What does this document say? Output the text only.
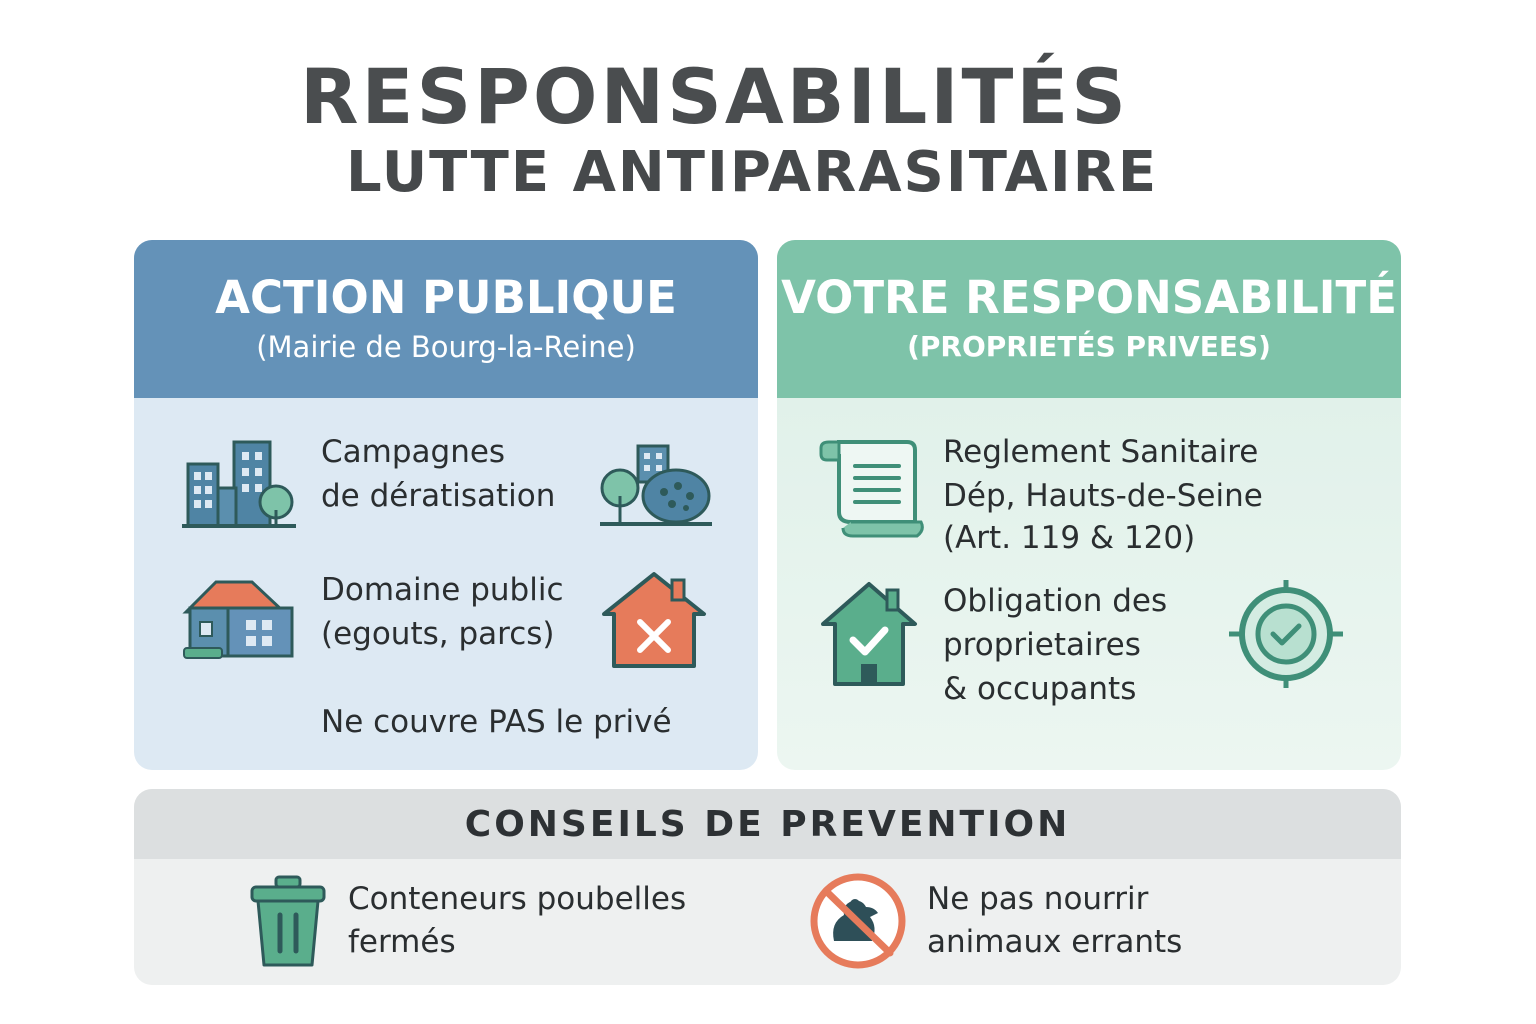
RESPONSABILITÉS
LUTTE ANTIPARASITAIRE
ACTION PUBLIQUE
(Mairie de Bourg-la-Reine)
Campagnes
de dératisation
Domaine public
(egouts, parcs)
Ne couvre PAS le privé
VOTRE RESPONSABILITÉ
(PROPRIETÉS PRIVEES)
Reglement Sanitaire
Dép, Hauts-de-Seine
(Art. 119 & 120)
Obligation des
proprietaires
& occupants
CONSEILS DE PREVENTION
Conteneurs poubelles
fermés
Ne pas nourrir
animaux errants
